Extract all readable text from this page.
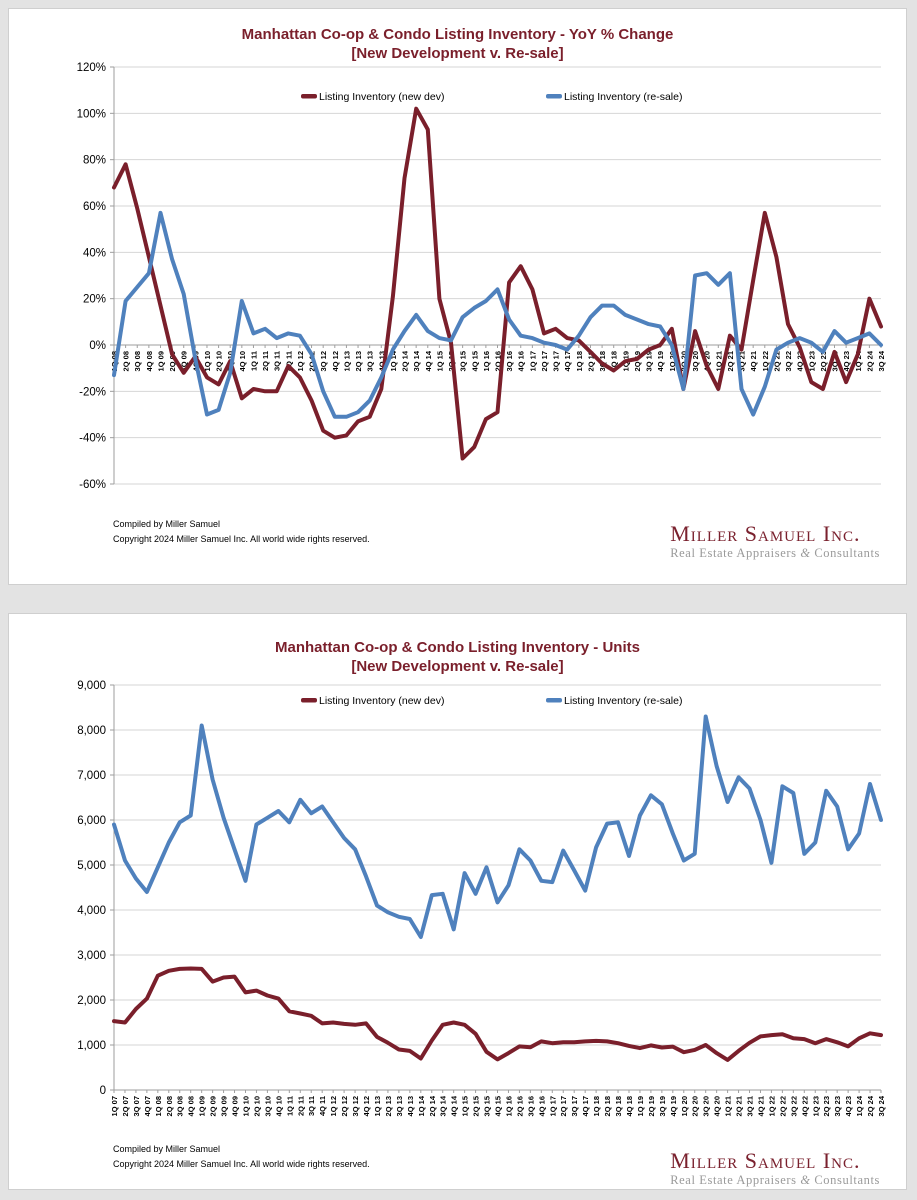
Manhattan Co-op & Condo Listing Inventory - YoY % Change
[New Development v. Re-sale]
120%
100%
80%
60%
40%
20%
0%
-20%
-40%
-60%
1Q 08 2Q 08 3Q 08 4Q 08 1Q 09 2Q 09 3Q 09 4Q 09 1Q 10 2Q 10 3Q 10 4Q 10 1Q 11 2Q 11 3Q 11 4Q 11 1Q 12 2Q 12 3Q 12 4Q 12 1Q 13 2Q 13 3Q 13 4Q 13 1Q 14 2Q 14 3Q 14 4Q 14 1Q 15 2Q 15 3Q 15 4Q 15 1Q 16 2Q 16 3Q 16 4Q 16 1Q 17 2Q 17 3Q 17 4Q 17 1Q 18 2Q 18 3Q 18 4Q 18 1Q 19 2Q 19 3Q 19 4Q 19 1Q 20 2Q 20 3Q 20 4Q 20 1Q 21 2Q 21 3Q 21 4Q 21 1Q 22 2Q 22 3Q 22 4Q 22 1Q 23 2Q 23 3Q 23 4Q 23 1Q 24 2Q 24 3Q 24
Listing Inventory (new dev)	Listing Inventory (re-sale)
Compiled by Miller Samuel
Copyright 2024 Miller Samuel Inc. All world wide rights reserved.	Miller Samuel Inc.
Real Estate Appraisers & Consultants
Manhattan Co-op & Condo Listing Inventory - Units
[New Development v. Re-sale]
9,000
8,000
7,000
6,000
5,000
4,000
3,000
2,000
1,000
0
1Q 07 2Q 07 3Q 07 4Q 07 1Q 08 2Q 08 3Q 08 4Q 08 1Q 09 2Q 09 3Q 09 4Q 09 1Q 10 2Q 10 3Q 10 4Q 10 1Q 11 2Q 11 3Q 11 4Q 11 1Q 12 2Q 12 3Q 12 4Q 12 1Q 13 2Q 13 3Q 13 4Q 13 1Q 14 2Q 14 3Q 14 4Q 14 1Q 15 2Q 15 3Q 15 4Q 15 1Q 16 2Q 16 3Q 16 4Q 16 1Q 17 2Q 17 3Q 17 4Q 17 1Q 18 2Q 18 3Q 18 4Q 18 1Q 19 2Q 19 3Q 19 4Q 19 1Q 20 2Q 20 3Q 20 4Q 20 1Q 21 2Q 21 3Q 21 4Q 21 1Q 22 2Q 22 3Q 22 4Q 22 1Q 23 2Q 23 3Q 23 4Q 23 1Q 24 2Q 24 3Q 24
Listing Inventory (new dev)	Listing Inventory (re-sale)
Compiled by Miller Samuel
Copyright 2024 Miller Samuel Inc. All world wide rights reserved.	Miller Samuel Inc.
Real Estate Appraisers & Consultants
